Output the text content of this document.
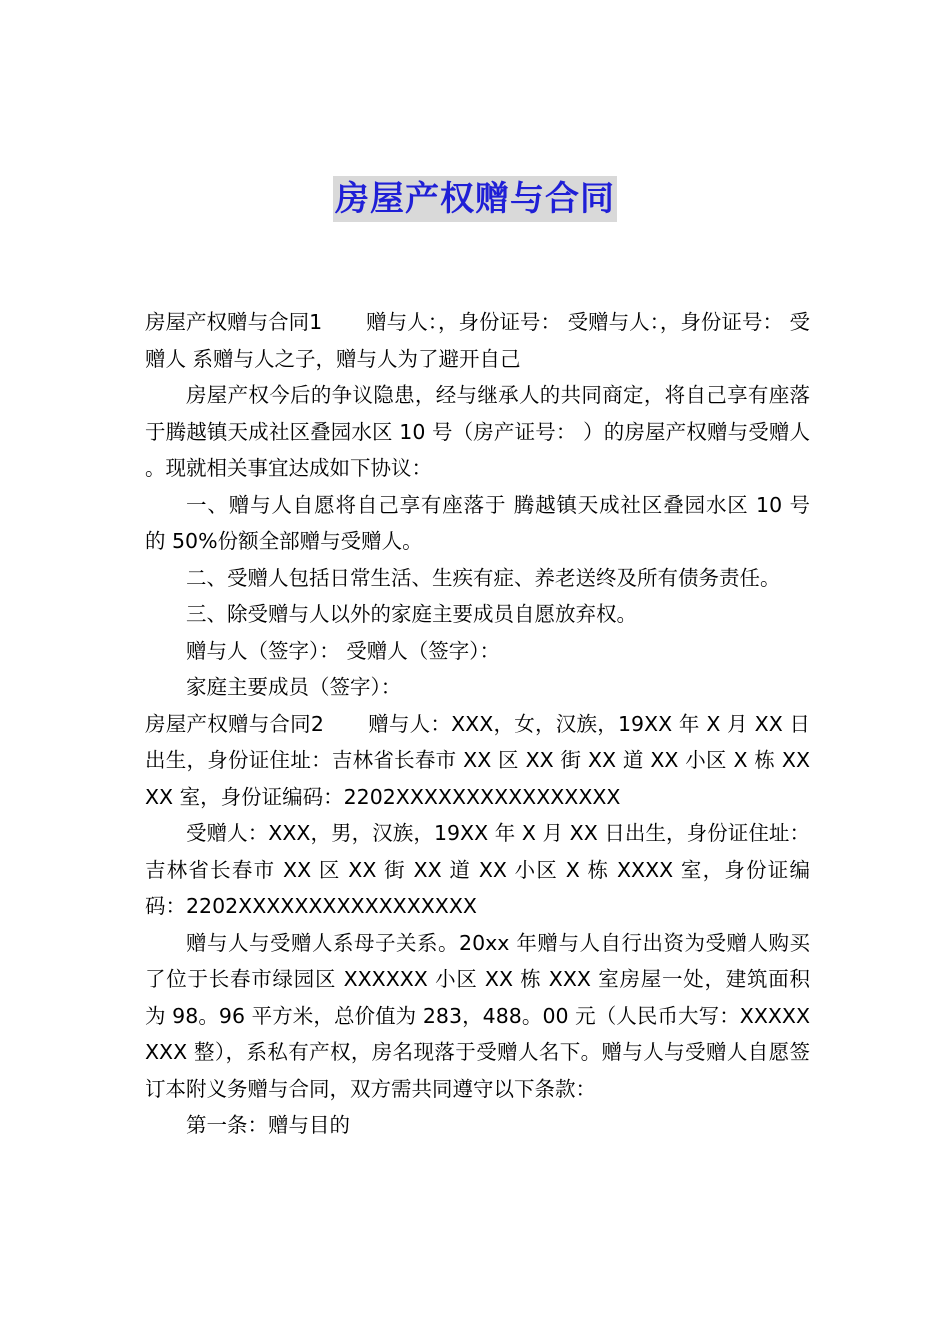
房屋产权赠与合同

房屋产权赠与合同1 赠与人：，身份证号： 受赠与人：，身份证号： 受赠人 系赠与人之子，赠与人为了避开自己

房屋产权今后的争议隐患，经与继承人的共同商定，将自己享有座落于腾越镇天成社区叠园水区 10 号（房产证号： ）的房屋产权赠与受赠人 。现就相关事宜达成如下协议：

一、赠与人自愿将自己享有座落于 腾越镇天成社区叠园水区 10 号 的 50%份额全部赠与受赠人。

二、受赠人包括日常生活、生疾有症、养老送终及所有债务责任。

三、除受赠与人以外的家庭主要成员自愿放弃权。

赠与人（签字）： 受赠人（签字）：

家庭主要成员（签字）：

房屋产权赠与合同2 赠与人：XXX，女，汉族，19XX 年 X 月 XX 日出生，身份证住址：吉林省长春市 XX 区 XX 街 XX 道 XX 小区 X 栋 XXXX 室，身份证编码：2202XXXXXXXXXXXXXXXX

受赠人：XXX，男，汉族，19XX 年 X 月 XX 日出生，身份证住址：吉林省长春市 XX 区 XX 街 XX 道 XX 小区 X 栋 XXXX 室，身份证编码：2202XXXXXXXXXXXXXXXXX

赠与人与受赠人系母子关系。20xx 年赠与人自行出资为受赠人购买了位于长春市绿园区 XXXXXX 小区 XX 栋 XXX 室房屋一处，建筑面积为 98。96 平方米，总价值为 283，488。00 元（人民币大写：XXXXXXXX 整），系私有产权，房名现落于受赠人名下。赠与人与受赠人自愿签订本附义务赠与合同，双方需共同遵守以下条款：

第一条：赠与目的
